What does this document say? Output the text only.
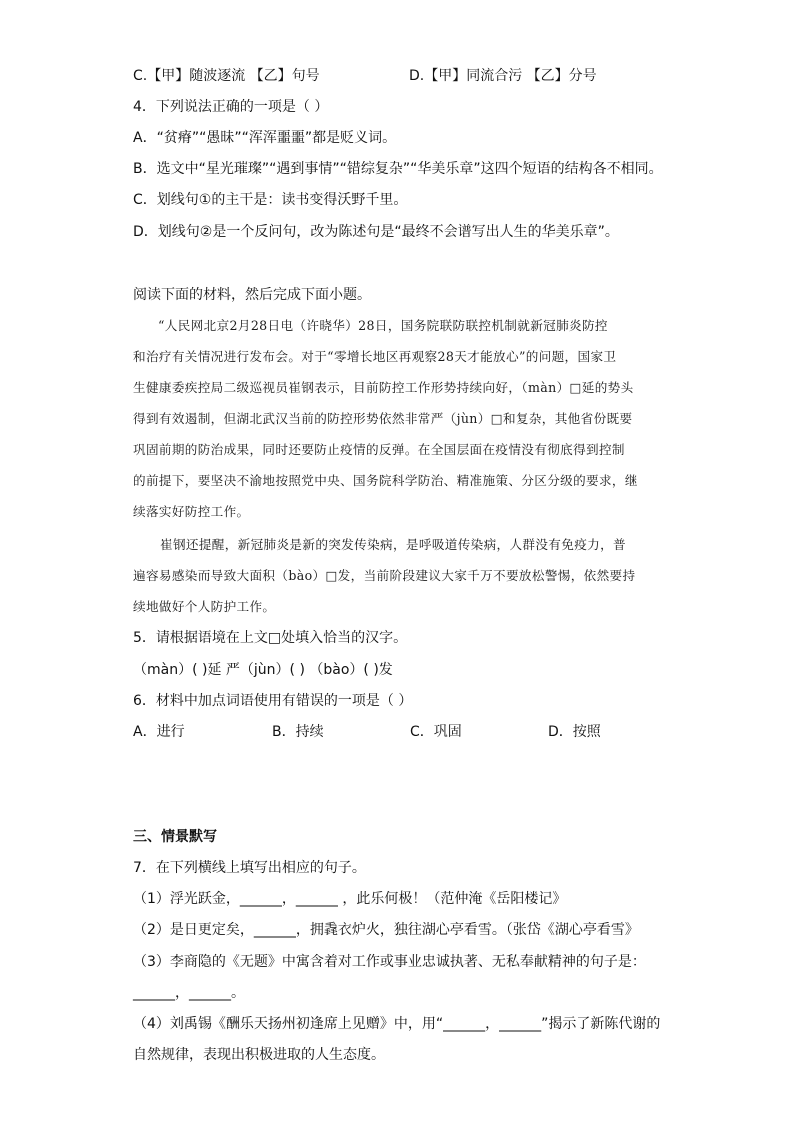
C.【甲】随波逐流 【乙】句号	D.【甲】同流合污 【乙】分号
4．下列说法正确的一项是（ ）
A．“贫瘠”“愚昧”“浑浑噩噩”都是贬义词。
B．选文中“星光璀璨”“遇到事情”“错综复杂”“华美乐章”这四个短语的结构各不相同。
C．划线句①的主干是：读书变得沃野千里。
D．划线句②是一个反问句，改为陈述句是“最终不会谱写出人生的华美乐章”。
阅读下面的材料，然后完成下面小题。
“人民网北京2月28日电（许晓华）28日，国务院联防联控机制就新冠肺炎防控
和治疗有关情况进行发布会。对于“零增长地区再观察28天才能放心”的问题，国家卫
生健康委疾控局二级巡视员崔钢表示，目前防控工作形势持续向好，（màn）□延的势头
得到有效遏制，但湖北武汉当前的防控形势依然非常严（jùn）□和复杂，其他省份既要
巩固前期的防治成果，同时还要防止疫情的反弹。在全国层面在疫情没有彻底得到控制
的前提下，要坚决不渝地按照党中央、国务院科学防治、精准施策、分区分级的要求，继
续落实好防控工作。
崔钢还提醒，新冠肺炎是新的突发传染病，是呼吸道传染病，人群没有免疫力，普
遍容易感染而导致大面积（bào）□发，当前阶段建议大家千万不要放松警惕，依然要持
续地做好个人防护工作。
5．请根据语境在上文□处填入恰当的汉字。
（màn）( )延 严（jùn）( ) （bào）( )发
6．材料中加点词语使用有错误的一项是（ ）
A．进行	B．持续	C．巩固	D．按照
三、情景默写
7．在下列横线上填写出相应的句子。
（1）浮光跃金，______，______ ，此乐何极！（范仲淹《岳阳楼记》
（2）是日更定矣，______，拥毳衣炉火，独往湖心亭看雪。（张岱《湖心亭看雪》
（3）李商隐的《无题》中寓含着对工作或事业忠诚执著、无私奉献精神的句子是：
______，______。
（4）刘禹锡《酬乐天扬州初逢席上见赠》中，用“______，______”揭示了新陈代谢的
自然规律，表现出积极进取的人生态度。
